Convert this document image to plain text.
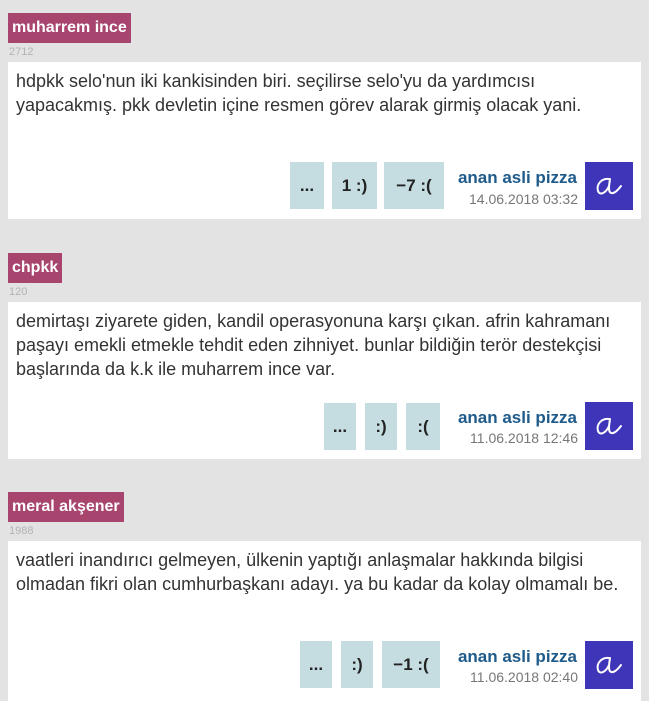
muharrem ince
2712
hdpkk selo'nun iki kankisinden biri. seçilirse selo'yu da yardımcısı yapacakmış. pkk devletin içine resmen görev alarak girmiş olacak yani.
...	1 :)	−7 :(	anan asli pizza
14.06.2018 03:32
chpkk
120
demirtaşı ziyarete giden, kandil operasyonuna karşı çıkan. afrin kahramanı paşayı emekli etmekle tehdit eden zihniyet. bunlar bildiğin terör destekçisi başlarında da k.k ile muharrem ince var.
...	:)	:(	anan asli pizza
11.06.2018 12:46
meral akşener
1988
vaatleri inandırıcı gelmeyen, ülkenin yaptığı anlaşmalar hakkında bilgisi olmadan fikri olan cumhurbaşkanı adayı. ya bu kadar da kolay olmamalı be.
...	:)	−1 :(	anan asli pizza
11.06.2018 02:40
